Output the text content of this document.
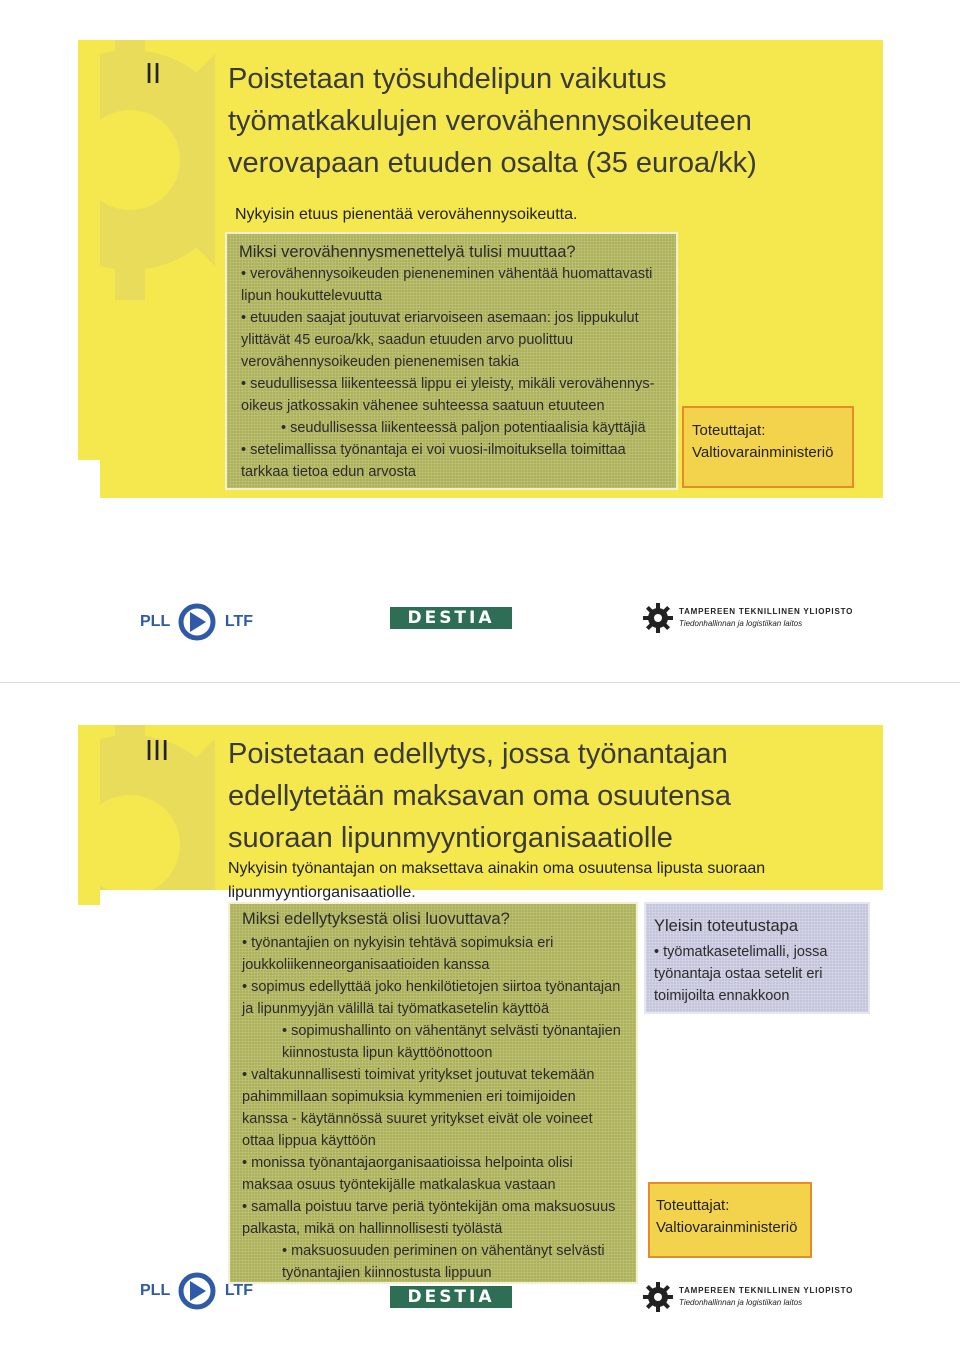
II Poistetaan työsuhdelipun vaikutus
työmatkakulujen verovähennysoikeuteen
verovapaan etuuden osalta (35 euroa/kk)
Nykyisin etuus pienentää verovähennysoikeutta.
Miksi verovähennysmenettelyä tulisi muuttaa?
• verovähennysoikeuden pieneneminen vähentää huomattavasti
lipun houkuttelevuutta
• etuuden saajat joutuvat eriarvoiseen asemaan: jos lippukulut
ylittävät 45 euroa/kk, saadun etuuden arvo puolittuu
verovähennysoikeuden pienenemisen takia
• seudullisessa liikenteessä lippu ei yleisty, mikäli verovähennys-
oikeus jatkossakin vähenee suhteessa saatuun etuuteen
• seudullisessa liikenteessä paljon potentiaalisia käyttäjiä
• setelimallissa työnantaja ei voi vuosi-ilmoituksella toimittaa
tarkkaa tietoa edun arvosta
Toteuttajat:
Valtiovarainministeriö
PLL	LTF	DESTIA	TAMPEREEN TEKNILLINEN YLIOPISTO
Tiedonhallinnan ja logistiikan laitos
III Poistetaan edellytys, jossa työnantajan
edellytetään maksavan oma osuutensa
suoraan lipunmyyntiorganisaatiolle
Nykyisin työnantajan on maksettava ainakin oma osuutensa lipusta suoraan
lipunmyyntiorganisaatiolle.
Miksi edellytyksestä olisi luovuttava?
• työnantajien on nykyisin tehtävä sopimuksia eri
joukkoliikenneorganisaatioiden kanssa
• sopimus edellyttää joko henkilötietojen siirtoa työnantajan
ja lipunmyyjän välillä tai työmatkasetelin käyttöä
• sopimushallinto on vähentänyt selvästi työnantajien
kiinnostusta lipun käyttöönottoon
• valtakunnallisesti toimivat yritykset joutuvat tekemään
pahimmillaan sopimuksia kymmenien eri toimijoiden
kanssa - käytännössä suuret yritykset eivät ole voineet
ottaa lippua käyttöön
• monissa työnantajaorganisaatioissa helpointa olisi
maksaa osuus työntekijälle matkalaskua vastaan
• samalla poistuu tarve periä työntekijän oma maksuosuus
palkasta, mikä on hallinnollisesti työlästä
• maksuosuuden periminen on vähentänyt selvästi
työnantajien kiinnostusta lippuun
Yleisin toteutustapa
• työmatkasetelimalli, jossa
työnantaja ostaa setelit eri
toimijoilta ennakkoon
Toteuttajat:
Valtiovarainministeriö
PLL	LTF	DESTIA	TAMPEREEN TEKNILLINEN YLIOPISTO
Tiedonhallinnan ja logistiikan laitos
